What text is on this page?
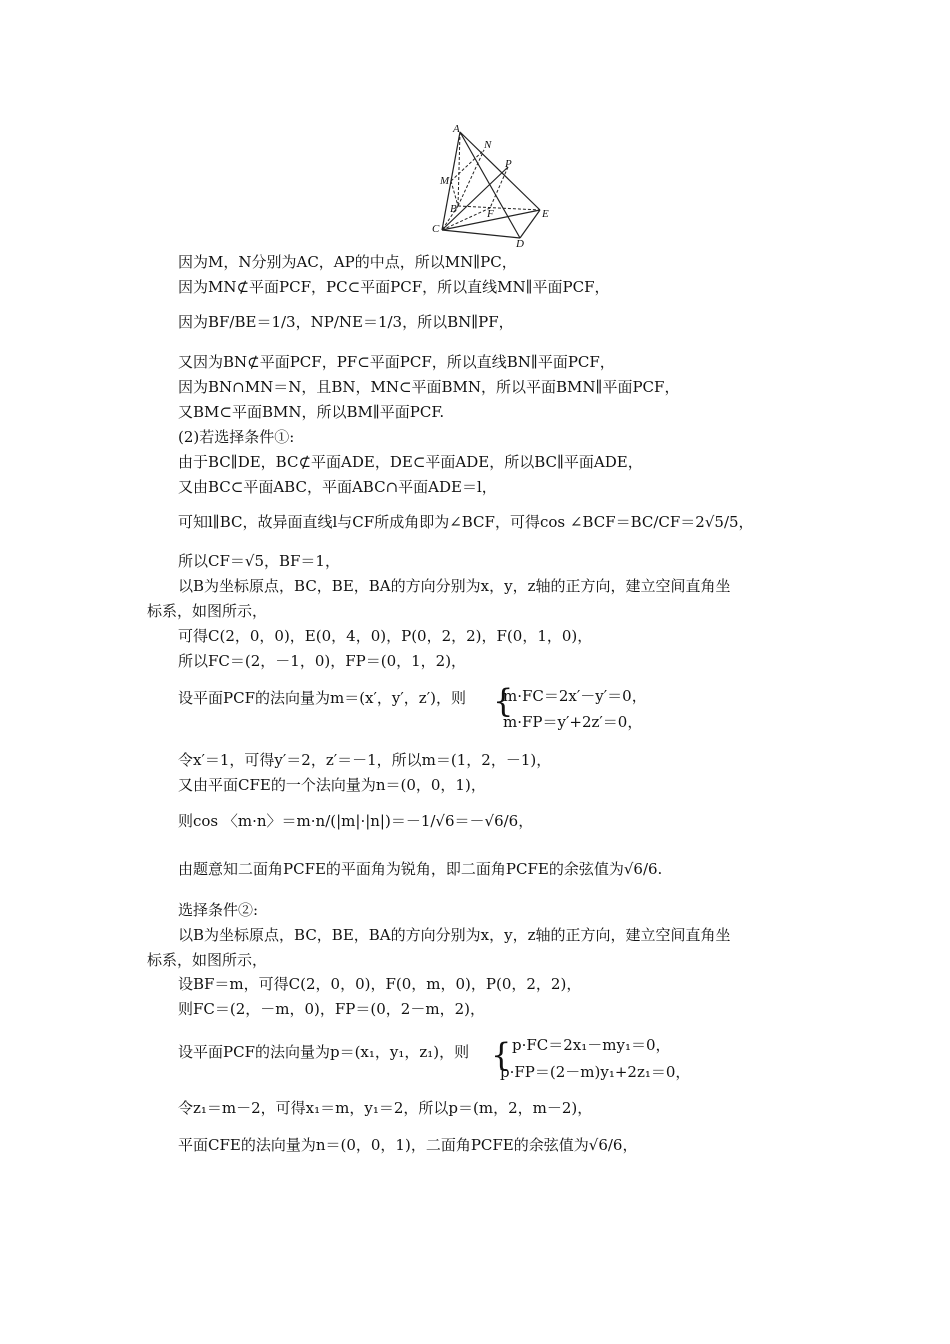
A
N
P
M
B	F	E
C
D
因为M，N分别为AC，AP的中点，所以MN∥PC，
因为MN⊄平面PCF，PC⊂平面PCF，所以直线MN∥平面PCF，
因为BF/BE＝1/3，NP/NE＝1/3，所以BN∥PF，
又因为BN⊄平面PCF，PF⊂平面PCF，所以直线BN∥平面PCF，
因为BN∩MN＝N，且BN，MN⊂平面BMN，所以平面BMN∥平面PCF，
又BM⊂平面BMN，所以BM∥平面PCF.
(2)若选择条件①:
由于BC∥DE，BC⊄平面ADE，DE⊂平面ADE，所以BC∥平面ADE，
又由BC⊂平面ABC，平面ABC∩平面ADE＝l，
可知l∥BC，故异面直线l与CF所成角即为∠BCF，可得cos ∠BCF＝BC/CF＝2√5/5，
所以CF＝√5，BF＝1，
以B为坐标原点，BC，BE，BA的方向分别为x，y，z轴的正方向，建立空间直角坐
标系，如图所示，
可得C(2，0，0)，E(0，4，0)，P(0，2，2)，F(0，1，0)，
所以FC＝(2，－1，0)，FP＝(0，1，2)，
设平面PCF的法向量为m＝(x′，y′，z′)，则 {
m·FC＝2x′－y′＝0，
m·FP＝y′+2z′＝0，
令x′＝1，可得y′＝2，z′＝－1，所以m＝(1，2，－1)，
又由平面CFE的一个法向量为n＝(0，0，1)，
则cos 〈m·n〉＝m·n/(|m|·|n|)＝－1/√6＝－√6/6，
由题意知二面角PCFE的平面角为锐角，即二面角PCFE的余弦值为√6/6.
选择条件②:
以B为坐标原点，BC，BE，BA的方向分别为x，y，z轴的正方向，建立空间直角坐
标系，如图所示，
设BF＝m，可得C(2，0，0)，F(0，m，0)，P(0，2，2)，
则FC＝(2，－m，0)，FP＝(0，2－m，2)，
设平面PCF的法向量为p＝(x₁，y₁，z₁)，则 { p·FC＝2x₁－my₁＝0，
p·FP＝(2－m)y₁+2z₁＝0，
令z₁＝m－2，可得x₁＝m，y₁＝2，所以p＝(m，2，m－2)，
平面CFE的法向量为n＝(0，0，1)，二面角PCFE的余弦值为√6/6，
